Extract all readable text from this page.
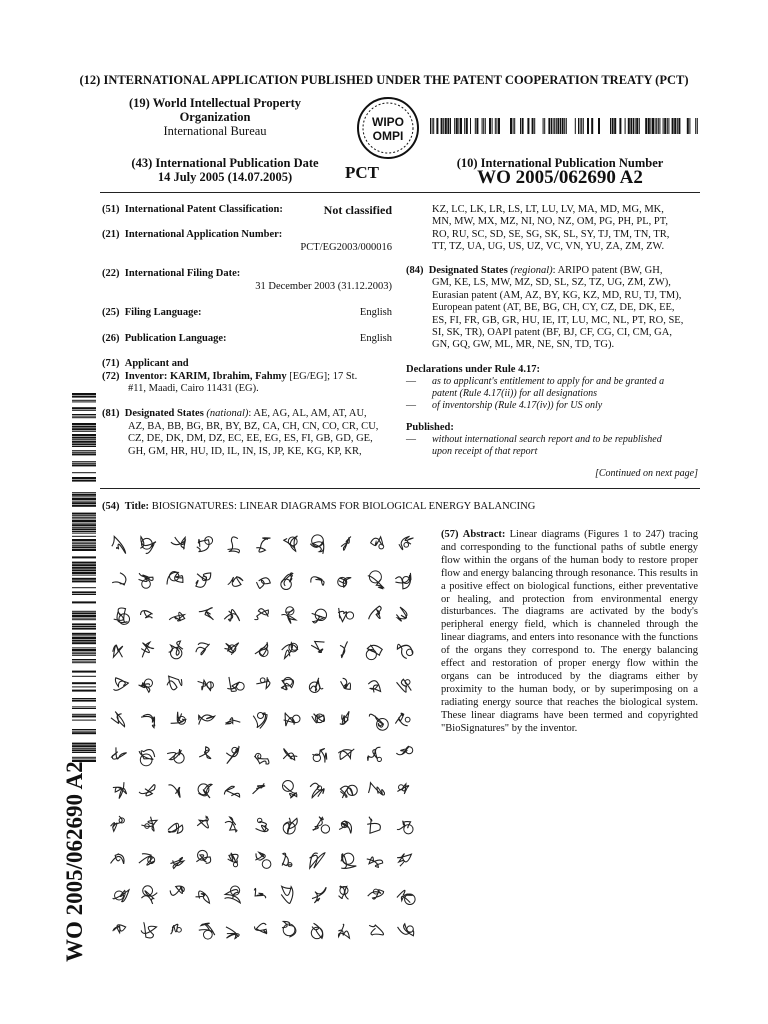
(12) INTERNATIONAL APPLICATION PUBLISHED UNDER THE PATENT COOPERATION TREATY (PCT)
(19) World Intellectual Property
Organization
International Bureau
WIPO
OMPI
(43) International Publication Date
14 July 2005 (14.07.2005)	PCT	(10) International Publication Number
WO 2005/062690 A2
(51) International Patent Classification:	Not classified
(21) International Application Number:
PCT/EG2003/000016
(22) International Filing Date:
31 December 2003 (31.12.2003)
(25) Filing Language:	English
(26) Publication Language:	English
(71) Applicant and
(72) Inventor: KARIM, Ibrahim, Fahmy [EG/EG]; 17 St.
#11, Maadi, Cairo 11431 (EG).
(81) Designated States (national): AE, AG, AL, AM, AT, AU,
AZ, BA, BB, BG, BR, BY, BZ, CA, CH, CN, CO, CR, CU,
CZ, DE, DK, DM, DZ, EC, EE, EG, ES, FI, GB, GD, GE,
GH, GM, HR, HU, ID, IL, IN, IS, JP, KE, KG, KP, KR,
KZ, LC, LK, LR, LS, LT, LU, LV, MA, MD, MG, MK,
MN, MW, MX, MZ, NI, NO, NZ, OM, PG, PH, PL, PT,
RO, RU, SC, SD, SE, SG, SK, SL, SY, TJ, TM, TN, TR,
TT, TZ, UA, UG, US, UZ, VC, VN, YU, ZA, ZM, ZW.
(84) Designated States (regional): ARIPO patent (BW, GH,
GM, KE, LS, MW, MZ, SD, SL, SZ, TZ, UG, ZM, ZW),
Eurasian patent (AM, AZ, BY, KG, KZ, MD, RU, TJ, TM),
European patent (AT, BE, BG, CH, CY, CZ, DE, DK, EE,
ES, FI, FR, GB, GR, HU, IE, IT, LU, MC, NL, PT, RO, SE,
SI, SK, TR), OAPI patent (BF, BJ, CF, CG, CI, CM, GA,
GN, GQ, GW, ML, MR, NE, SN, TD, TG).
Declarations under Rule 4.17:
— as to applicant's entitlement to apply for and be granted a
patent (Rule 4.17(ii)) for all designations
— of inventorship (Rule 4.17(iv)) for US only
Published:
— without international search report and to be republished
upon receipt of that report
[Continued on next page]
(54) Title: BIOSIGNATURES: LINEAR DIAGRAMS FOR BIOLOGICAL ENERGY BALANCING
(57) Abstract: Linear diagrams (Figures 1 to 247) tracing and corresponding to the functional paths of subtle energy flow within the organs of the human body to restore proper flow and energy balancing through resonance. This results in a positive effect on biological functions, either preventative or healing, and protection from environmental energy disturbances. The diagrams are activated by the body's peripheral energy field, which is channeled through the linear diagrams, and enters into resonance with the functions of the organs they correspond to. The energy balancing effect and restoration of proper energy flow within the organs can be introduced by the diagrams either by proximity to the human body, or by superimposing on a radiating energy source that reaches the biological system. These linear diagrams have been termed and copyrighted "BioSignatures" by the inventor.
WO 2005/062690 A2
